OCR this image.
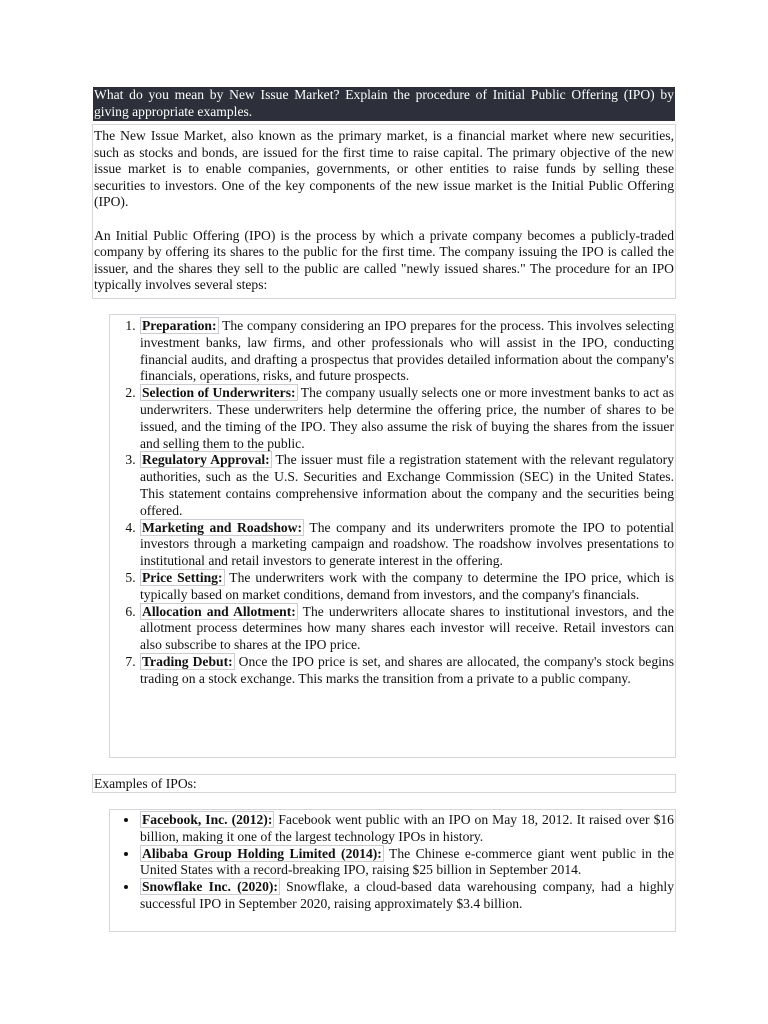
What do you mean by New Issue Market? Explain the procedure of Initial Public Offering (IPO) by giving appropriate examples.

The New Issue Market, also known as the primary market, is a financial market where new securities, such as stocks and bonds, are issued for the first time to raise capital. The primary objective of the new issue market is to enable companies, governments, or other entities to raise funds by selling these securities to investors. One of the key components of the new issue market is the Initial Public Offering (IPO).

An Initial Public Offering (IPO) is the process by which a private company becomes a publicly-traded company by offering its shares to the public for the first time. The company issuing the IPO is called the issuer, and the shares they sell to the public are called "newly issued shares." The procedure for an IPO typically involves several steps:

1. Preparation: The company considering an IPO prepares for the process. This involves selecting investment banks, law firms, and other professionals who will assist in the IPO, conducting financial audits, and drafting a prospectus that provides detailed information about the company's financials, operations, risks, and future prospects.
2. Selection of Underwriters: The company usually selects one or more investment banks to act as underwriters. These underwriters help determine the offering price, the number of shares to be issued, and the timing of the IPO. They also assume the risk of buying the shares from the issuer and selling them to the public.
3. Regulatory Approval: The issuer must file a registration statement with the relevant regulatory authorities, such as the U.S. Securities and Exchange Commission (SEC) in the United States. This statement contains comprehensive information about the company and the securities being offered.
4. Marketing and Roadshow: The company and its underwriters promote the IPO to potential investors through a marketing campaign and roadshow. The roadshow involves presentations to institutional and retail investors to generate interest in the offering.
5. Price Setting: The underwriters work with the company to determine the IPO price, which is typically based on market conditions, demand from investors, and the company's financials.
6. Allocation and Allotment: The underwriters allocate shares to institutional investors, and the allotment process determines how many shares each investor will receive. Retail investors can also subscribe to shares at the IPO price.
7. Trading Debut: Once the IPO price is set, and shares are allocated, the company's stock begins trading on a stock exchange. This marks the transition from a private to a public company.
Examples of IPOs:
• Facebook, Inc. (2012): Facebook went public with an IPO on May 18, 2012. It raised over $16 billion, making it one of the largest technology IPOs in history.
• Alibaba Group Holding Limited (2014): The Chinese e-commerce giant went public in the United States with a record-breaking IPO, raising $25 billion in September 2014.
• Snowflake Inc. (2020): Snowflake, a cloud-based data warehousing company, had a highly successful IPO in September 2020, raising approximately $3.4 billion.
